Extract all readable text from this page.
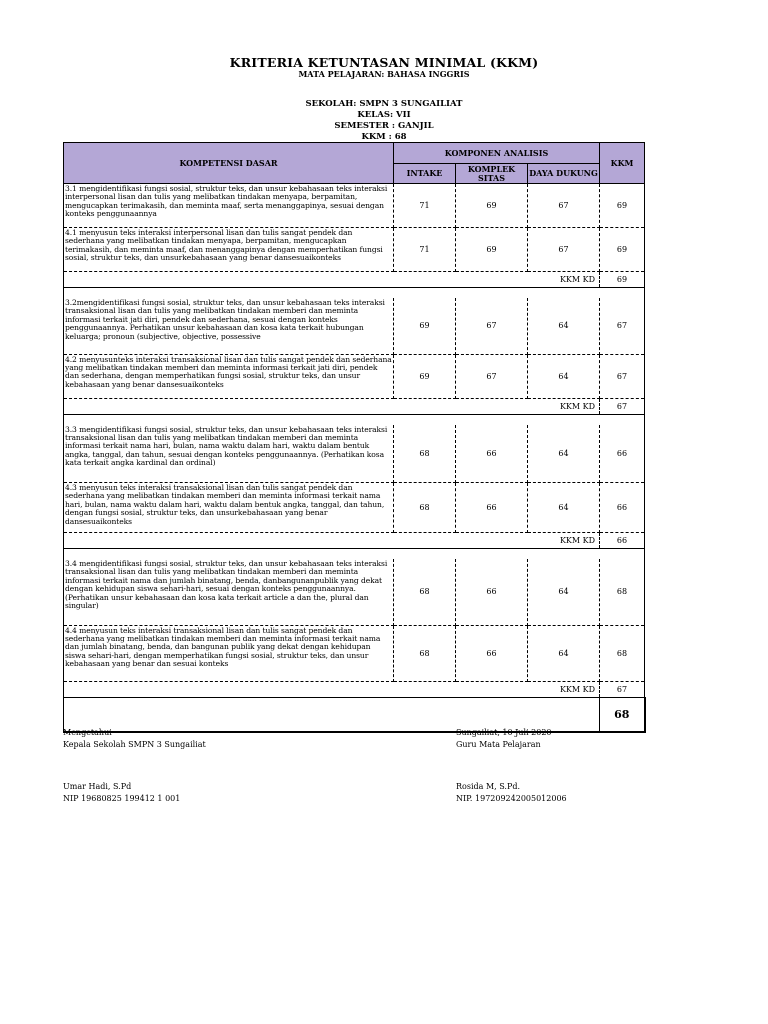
KRITERIA KETUNTASAN MINIMAL (KKM)
MATA PELAJARAN: BAHASA INGGRIS
SEKOLAH: SMPN 3 SUNGAILIAT
KELAS: VII
SEMESTER : GANJIL
KKM : 68
KOMPETENSI DASAR	KOMPONEN ANALISIS			KKM
	INTAKE	KOMPLEK SITAS	DAYA DUKUNG	
3.1 mengidentifikasi fungsi sosial, struktur teks, dan unsur kebahasaan teks interaksi interpersonal lisan dan tulis yang melibatkan tindakan menyapa, berpamitan, mengucapkan terimakasih, dan meminta maaf, serta menanggapinya, sesuai dengan konteks penggunaannya	71	69	67	69
4.1 menyusun teks interaksi interpersonal lisan dan tulis sangat pendek dan sederhana yang melibatkan tindakan menyapa, berpamitan, mengucapkan terimakasih, dan meminta maaf, dan menanggapinya dengan memperhatikan fungsi sosial, struktur teks, dan unsurkebahasaan yang benar dansesuaikonteks	71	69	67	69
KKM KD				69

3.2mengidentifikasi fungsi sosial, struktur teks, dan unsur kebahasaan teks interaksi transaksional lisan dan tulis yang melibatkan tindakan memberi dan meminta informasi terkait jati diri, pendek dan sederhana, sesuai dengan konteks penggunaannya. Perhatikan unsur kebahasaan dan kosa kata terkait hubungan keluarga; pronoun (subjective, objective, possessive	69	67	64	67
4.2 menyusunteks interaksi transaksional lisan dan tulis sangat pendek dan sederhana yang melibatkan tindakan memberi dan meminta informasi terkait jati diri, pendek dan sederhana, dengan memperhatikan fungsi sosial, struktur teks, dan unsur kebahasaan yang benar dansesuaikonteks	69	67	64	67
KKM KD				67

3.3 mengidentifikasi fungsi sosial, struktur teks, dan unsur kebahasaan teks interaksi transaksional lisan dan tulis yang melibatkan tindakan memberi dan meminta informasi terkait nama hari, bulan, nama waktu dalam hari, waktu dalam bentuk angka, tanggal, dan tahun, sesuai dengan konteks penggunaannya. (Perhatikan kosa kata terkait angka kardinal dan ordinal)	68	66	64	66
4.3 menyusun teks interaksi transaksional lisan dan tulis sangat pendek dan sederhana yang melibatkan tindakan memberi dan meminta informasi terkait nama hari, bulan, nama waktu dalam hari, waktu dalam bentuk angka, tanggal, dan tahun, dengan fungsi sosial, struktur teks, dan unsurkebahasaan yang benar dansesuaikonteks	68	66	64	66
KKM KD				66

3.4 mengidentifikasi fungsi sosial, struktur teks, dan unsur kebahasaan teks interaksi transaksional lisan dan tulis yang melibatkan tindakan memberi dan meminta informasi terkait nama dan jumlah binatang, benda, danbangunanpublik yang dekat dengan kehidupan siswa sehari-hari, sesuai dengan konteks penggunaannya. (Perhatikan unsur kebahasaan dan kosa kata terkait article a dan the, plural dan singular)	68	66	64	68
4.4 menyusun teks interaksi transaksional lisan dan tulis sangat pendek dan sederhana yang melibatkan tindakan memberi dan meminta informasi terkait nama dan jumlah binatang, benda, dan bangunan publik yang dekat dengan kehidupan siswa sehari-hari, dengan memperhatikan fungsi sosial, struktur teks, dan unsur kebahasaan yang benar dan sesuai konteks	68	66	64	68
KKM KD				67
				68
Mengetahui
Kepala Sekolah SMPN 3 Sungailiat
Umar Hadi, S.Pd
NIP 19680825 199412 1 001
Sungailiat, 10 Juli 2020
Guru Mata Pelajaran
Rosida M, S.Pd.
NIP. 197209242005012006
